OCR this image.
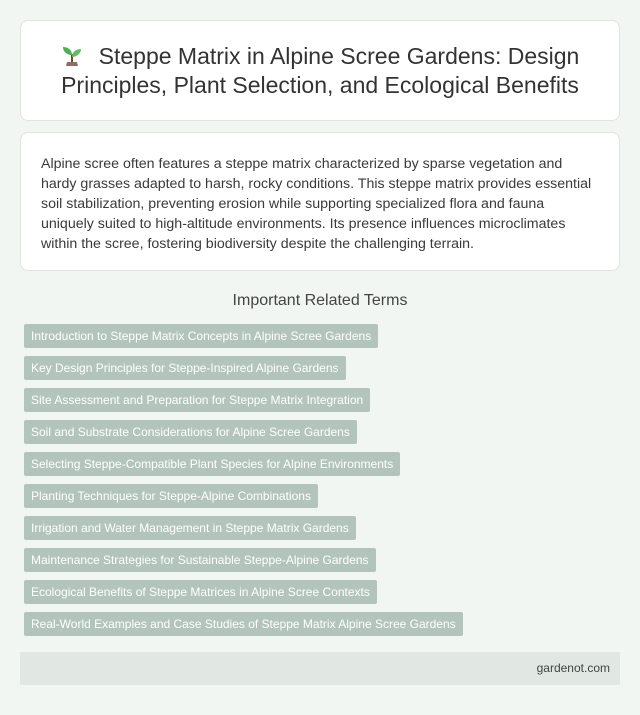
Steppe Matrix in Alpine Scree Gardens: Design Principles, Plant Selection, and Ecological Benefits

Alpine scree often features a steppe matrix characterized by sparse vegetation and hardy grasses adapted to harsh, rocky conditions. This steppe matrix provides essential soil stabilization, preventing erosion while supporting specialized flora and fauna uniquely suited to high-altitude environments. Its presence influences microclimates within the scree, fostering biodiversity despite the challenging terrain.

Important Related Terms
Introduction to Steppe Matrix Concepts in Alpine Scree Gardens
Key Design Principles for Steppe-Inspired Alpine Gardens
Site Assessment and Preparation for Steppe Matrix Integration
Soil and Substrate Considerations for Alpine Scree Gardens
Selecting Steppe-Compatible Plant Species for Alpine Environments
Planting Techniques for Steppe-Alpine Combinations
Irrigation and Water Management in Steppe Matrix Gardens
Maintenance Strategies for Sustainable Steppe-Alpine Gardens
Ecological Benefits of Steppe Matrices in Alpine Scree Contexts
Real-World Examples and Case Studies of Steppe Matrix Alpine Scree Gardens
gardenot.com
